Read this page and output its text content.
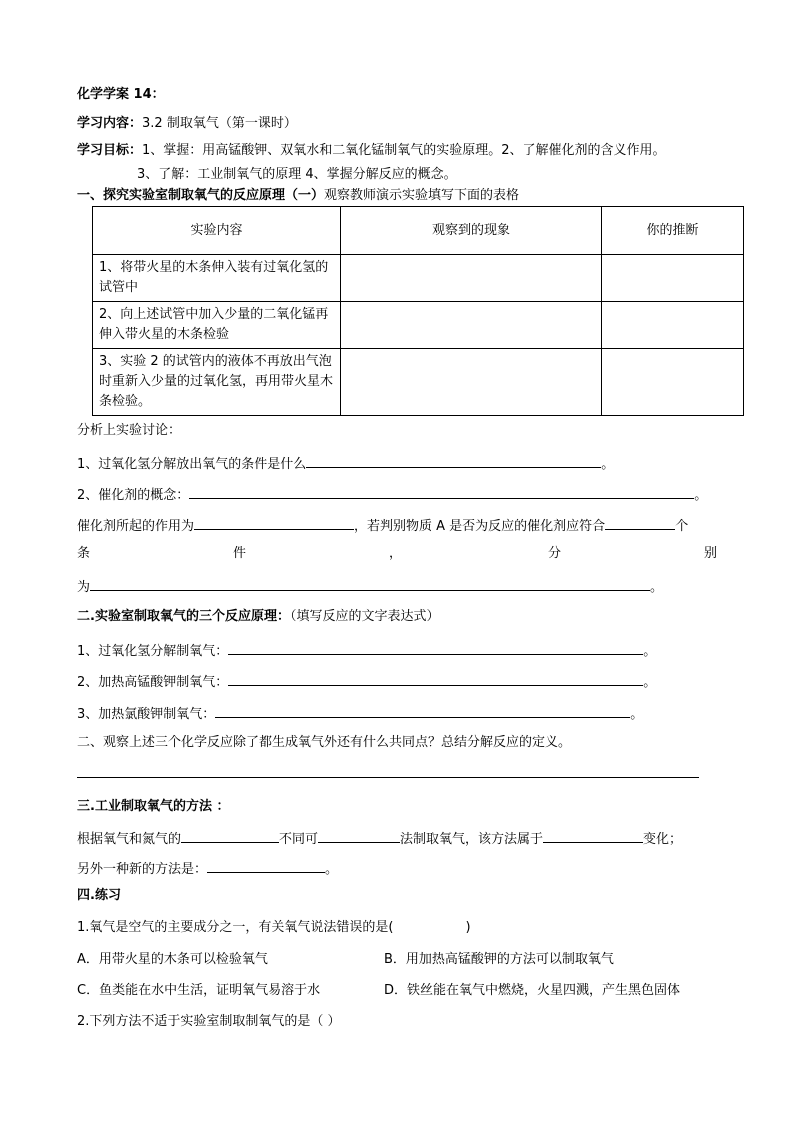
化学学案 14：
学习内容：3.2 制取氧气（第一课时）
学习目标：1、掌握：用高锰酸钾、双氧水和二氧化锰制氧气的实验原理。2、了解催化剂的含义作用。
3、了解：工业制氧气的原理 4、掌握分解反应的概念。
一、探究实验室制取氧气的反应原理（一）观察教师演示实验填写下面的表格
实验内容	观察到的现象	你的推断
1、将带火星的木条伸入装有过氧化氢的试管中		
2、向上述试管中加入少量的二氧化锰再伸入带火星的木条检验		
3、实验 2 的试管内的液体不再放出气泡时重新入少量的过氧化氢，再用带火星木条检验。		
分析上实验讨论：
1、过氧化氢分解放出氧气的条件是什么	。
2、催化剂的概念：	。
催化剂所起的作用为	，若判别物质 A 是否为反应的催化剂应符合	个
条	件	，	分	别
为	。
二.实验室制取氧气的三个反应原理：（填写反应的文字表达式）
1、过氧化氢分解制氧气：	。
2、加热高锰酸钾制氧气：	。
3、加热氯酸钾制氧气：	。
二、观察上述三个化学反应除了都生成氧气外还有什么共同点？总结分解反应的定义。
三.工业制取氧气的方法 ：
根据氧气和氮气的	不同可	法制取氧气，该方法属于	变化；
另外一种新的方法是：	。
四.练习
1.氧气是空气的主要成分之一，有关氧气说法错误的是(	)
A．用带火星的木条可以检验氧气	B．用加热高锰酸钾的方法可以制取氧气
C．鱼类能在水中生活，证明氧气易溶于水	D．铁丝能在氧气中燃烧，火星四溅，产生黑色固体
2.下列方法不适于实验室制取制氧气的是（ ）
